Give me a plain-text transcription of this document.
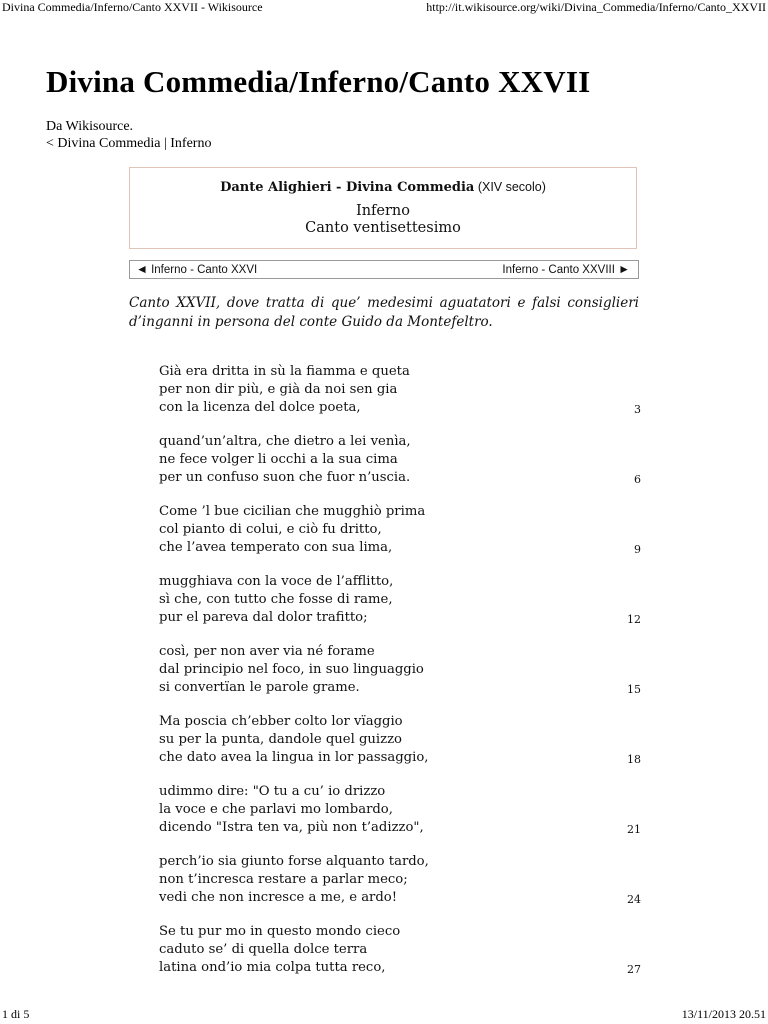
Divina Commedia/Inferno/Canto XXVII - Wikisource	http://it.wikisource.org/wiki/Divina_Commedia/Inferno/Canto_XXVII
Divina Commedia/Inferno/Canto XXVII
Da Wikisource.
< Divina Commedia | Inferno
Dante Alighieri - Divina Commedia (XIV secolo)
Inferno
Canto ventisettesimo
◄ Inferno - Canto XXVI	Inferno - Canto XXVIII ►
Canto XXVII, dove tratta di que’ medesimi aguatatori e falsi consiglieri d’inganni in persona del conte Guido da Montefeltro.
Già era dritta in sù la fiamma e queta
per non dir più, e già da noi sen gia
con la licenza del dolce poeta,	3
quand’un’altra, che dietro a lei venìa,
ne fece volger li occhi a la sua cima
per un confuso suon che fuor n’uscia.	6
Come ’l bue cicilian che mugghiò prima
col pianto di colui, e ciò fu dritto,
che l’avea temperato con sua lima,	9
mugghiava con la voce de l’afflitto,
sì che, con tutto che fosse di rame,
pur el pareva dal dolor trafitto;	12
così, per non aver via né forame
dal principio nel foco, in suo linguaggio
si convertïan le parole grame.	15
Ma poscia ch’ebber colto lor vïaggio
su per la punta, dandole quel guizzo
che dato avea la lingua in lor passaggio,	18
udimmo dire: "O tu a cu’ io drizzo
la voce e che parlavi mo lombardo,
dicendo "Istra ten va, più non t’adizzo",	21
perch’io sia giunto forse alquanto tardo,
non t’incresca restare a parlar meco;
vedi che non incresce a me, e ardo!	24
Se tu pur mo in questo mondo cieco
caduto se’ di quella dolce terra
latina ond’io mia colpa tutta reco,	27
1 di 5	13/11/2013 20.51
